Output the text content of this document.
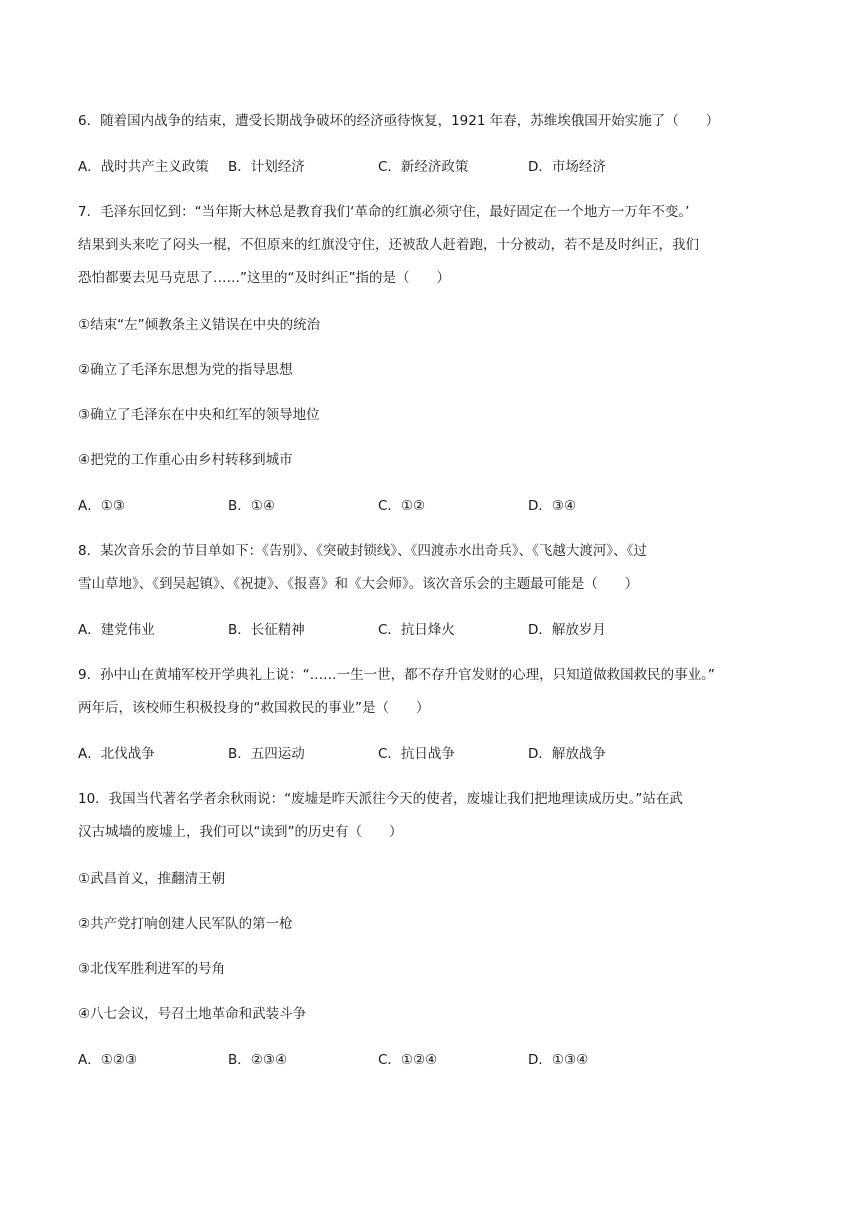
6．随着国内战争的结束，遭受长期战争破坏的经济亟待恢复，1921 年春，苏维埃俄国开始实施了（　　）

A．战时共产主义政策 B．计划经济	C．新经济政策	D．市场经济

7．毛泽东回忆到：“当年斯大林总是教育我们‘革命的红旗必须守住，最好固定在一个地方一万年不变。’

结果到头来吃了闷头一棍，不但原来的红旗没守住，还被敌人赶着跑，十分被动，若不是及时纠正，我们

恐怕都要去见马克思了……”这里的“及时纠正”指的是（　　）

①结束“左”倾教条主义错误在中央的统治

②确立了毛泽东思想为党的指导思想

③确立了毛泽东在中央和红军的领导地位

④把党的工作重心由乡村转移到城市

A．①③	B．①④	C．①②	D．③④

8．某次音乐会的节目单如下：《告别》、《突破封锁线》、《四渡赤水出奇兵》、《飞越大渡河》、《过

雪山草地》、《到吴起镇》、《祝捷》、《报喜》和《大会师》。该次音乐会的主题最可能是（　　）

A．建党伟业	B．长征精神	C．抗日烽火	D．解放岁月

9．孙中山在黄埔军校开学典礼上说：“……一生一世，都不存升官发财的心理，只知道做救国救民的事业。”

两年后，该校师生积极投身的“救国救民的事业”是（　　）

A．北伐战争	B．五四运动	C．抗日战争	D．解放战争

10．我国当代著名学者余秋雨说：“废墟是昨天派往今天的使者，废墟让我们把地理读成历史。”站在武

汉古城墙的废墟上，我们可以“读到”的历史有（　　）

①武昌首义，推翻清王朝

②共产党打响创建人民军队的第一枪

③北伐军胜利进军的号角

④八七会议，号召土地革命和武装斗争

A．①②③	B．②③④	C．①②④	D．①③④
